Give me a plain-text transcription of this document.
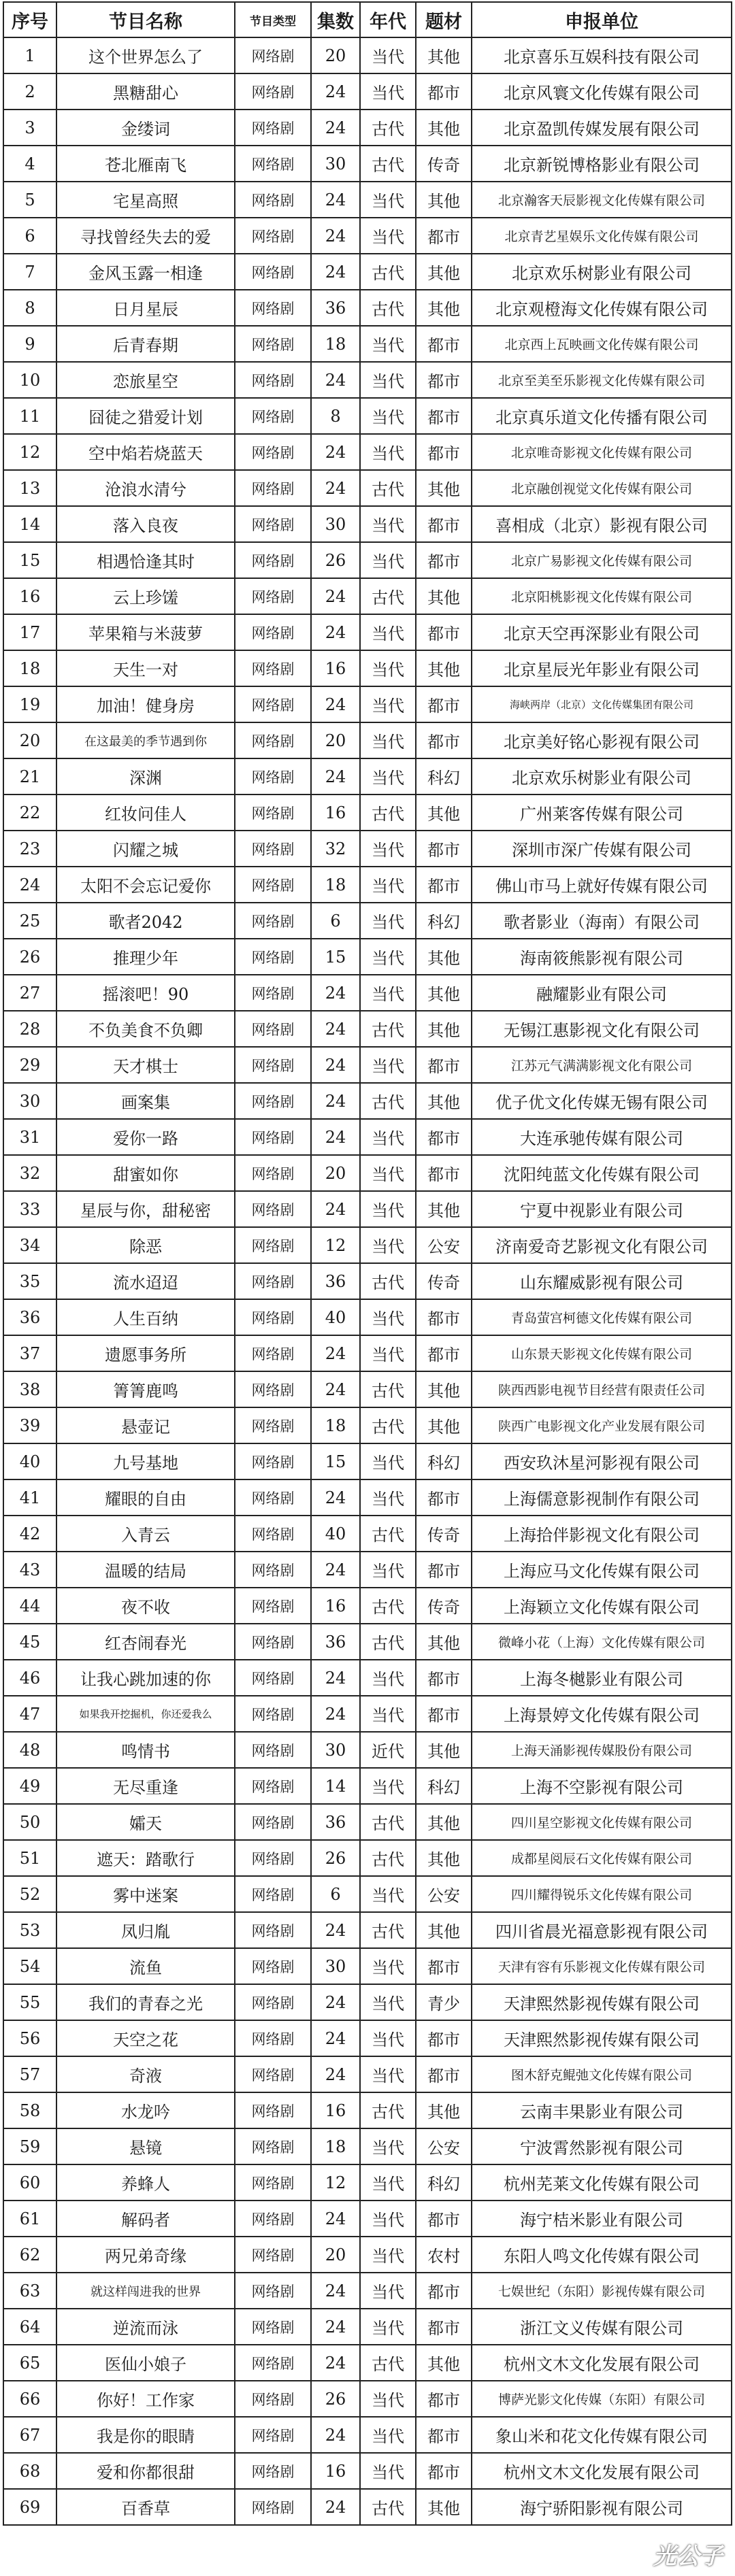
序号	节目名称	节目类型	集数	年代	题材	申报单位
1	这个世界怎么了	网络剧	20	当代	其他	北京喜乐互娱科技有限公司
2	黑糖甜心	网络剧	24	当代	都市	北京风寰文化传媒有限公司
3	金缕词	网络剧	24	古代	其他	北京盈凯传媒发展有限公司
4	苍北雁南飞	网络剧	30	古代	传奇	北京新锐博格影业有限公司
5	宅星高照	网络剧	24	当代	其他	北京瀚客天辰影视文化传媒有限公司
6	寻找曾经失去的爱	网络剧	24	当代	都市	北京青艺星娱乐文化传媒有限公司
7	金风玉露一相逢	网络剧	24	古代	其他	北京欢乐树影业有限公司
8	日月星辰	网络剧	36	古代	其他	北京观橙海文化传媒有限公司
9	后青春期	网络剧	18	当代	都市	北京西上瓦映画文化传媒有限公司
10	恋旅星空	网络剧	24	当代	都市	北京至美至乐影视文化传媒有限公司
11	囧徒之猎爱计划	网络剧	8	当代	都市	北京真乐道文化传播有限公司
12	空中焰若烧蓝天	网络剧	24	当代	都市	北京唯奇影视文化传媒有限公司
13	沧浪水清兮	网络剧	24	古代	其他	北京融创视觉文化传媒有限公司
14	落入良夜	网络剧	30	当代	都市	喜相成（北京）影视有限公司
15	相遇恰逢其时	网络剧	26	当代	都市	北京广易影视文化传媒有限公司
16	云上珍馐	网络剧	24	古代	其他	北京阳桃影视文化传媒有限公司
17	苹果箱与米菠萝	网络剧	24	当代	都市	北京天空再深影业有限公司
18	天生一对	网络剧	16	当代	其他	北京星辰光年影业有限公司
19	加油！健身房	网络剧	24	当代	都市	海峡两岸（北京）文化传媒集团有限公司
20	在这最美的季节遇到你	网络剧	20	当代	都市	北京美好铭心影视有限公司
21	深渊	网络剧	24	当代	科幻	北京欢乐树影业有限公司
22	红妆问佳人	网络剧	16	古代	其他	广州莱客传媒有限公司
23	闪耀之城	网络剧	32	当代	都市	深圳市深广传媒有限公司
24	太阳不会忘记爱你	网络剧	18	当代	都市	佛山市马上就好传媒有限公司
25	歌者2042	网络剧	6	当代	科幻	歌者影业（海南）有限公司
26	推理少年	网络剧	15	当代	其他	海南筱熊影视有限公司
27	摇滚吧！90	网络剧	24	当代	其他	融耀影业有限公司
28	不负美食不负卿	网络剧	24	古代	其他	无锡江惠影视文化有限公司
29	天才棋士	网络剧	24	当代	都市	江苏元气满满影视文化有限公司
30	画案集	网络剧	24	古代	其他	优子优文化传媒无锡有限公司
31	爱你一路	网络剧	24	当代	都市	大连承驰传媒有限公司
32	甜蜜如你	网络剧	20	当代	都市	沈阳纯蓝文化传媒有限公司
33	星辰与你，甜秘密	网络剧	24	当代	其他	宁夏中视影业有限公司
34	除恶	网络剧	12	当代	公安	济南爱奇艺影视文化有限公司
35	流水迢迢	网络剧	36	古代	传奇	山东耀威影视有限公司
36	人生百纳	网络剧	40	当代	都市	青岛萤宫柯德文化传媒有限公司
37	遗愿事务所	网络剧	24	当代	都市	山东景天影视文化传媒有限公司
38	箐箐鹿鸣	网络剧	24	古代	其他	陕西西影电视节目经营有限责任公司
39	悬壶记	网络剧	18	古代	其他	陕西广电影视文化产业发展有限公司
40	九号基地	网络剧	15	当代	科幻	西安玖沐星河影视有限公司
41	耀眼的自由	网络剧	24	当代	都市	上海儒意影视制作有限公司
42	入青云	网络剧	40	古代	传奇	上海拾伴影视文化有限公司
43	温暖的结局	网络剧	24	当代	都市	上海应马文化传媒有限公司
44	夜不收	网络剧	16	古代	传奇	上海颖立文化传媒有限公司
45	红杏闹春光	网络剧	36	古代	其他	微峰小花（上海）文化传媒有限公司
46	让我心跳加速的你	网络剧	24	当代	都市	上海冬樾影业有限公司
47	如果我开挖掘机，你还爱我么	网络剧	24	当代	都市	上海景婷文化传媒有限公司
48	鸣情书	网络剧	30	近代	其他	上海天涌影视传媒股份有限公司
49	无尽重逢	网络剧	14	当代	科幻	上海不空影视有限公司
50	孀天	网络剧	36	古代	其他	四川星空影视文化传媒有限公司
51	遮天：踏歌行	网络剧	26	古代	其他	成都星阅辰石文化传媒有限公司
52	雾中迷案	网络剧	6	当代	公安	四川耀得锐乐文化传媒有限公司
53	凤归胤	网络剧	24	古代	其他	四川省晨光福意影视有限公司
54	流鱼	网络剧	30	当代	都市	天津有容有乐影视文化传媒有限公司
55	我们的青春之光	网络剧	24	当代	青少	天津熙然影视传媒有限公司
56	天空之花	网络剧	24	当代	都市	天津熙然影视传媒有限公司
57	奇液	网络剧	24	当代	都市	图木舒克鲲弛文化传媒有限公司
58	水龙吟	网络剧	16	古代	其他	云南丰果影业有限公司
59	悬镜	网络剧	18	当代	公安	宁波霄然影视有限公司
60	养蜂人	网络剧	12	当代	科幻	杭州芜莱文化传媒有限公司
61	解码者	网络剧	24	当代	都市	海宁桔米影业有限公司
62	两兄弟奇缘	网络剧	20	当代	农村	东阳人鸣文化传媒有限公司
63	就这样闯进我的世界	网络剧	24	当代	都市	七娱世纪（东阳）影视传媒有限公司
64	逆流而泳	网络剧	24	当代	都市	浙江文义传媒有限公司
65	医仙小娘子	网络剧	24	古代	其他	杭州文木文化发展有限公司
66	你好！工作家	网络剧	26	当代	都市	博萨光影文化传媒（东阳）有限公司
67	我是你的眼睛	网络剧	24	当代	都市	象山米和花文化传媒有限公司
68	爱和你都很甜	网络剧	16	当代	都市	杭州文木文化发展有限公司
69	百香草	网络剧	24	古代	其他	海宁骄阳影视有限公司
光公子
